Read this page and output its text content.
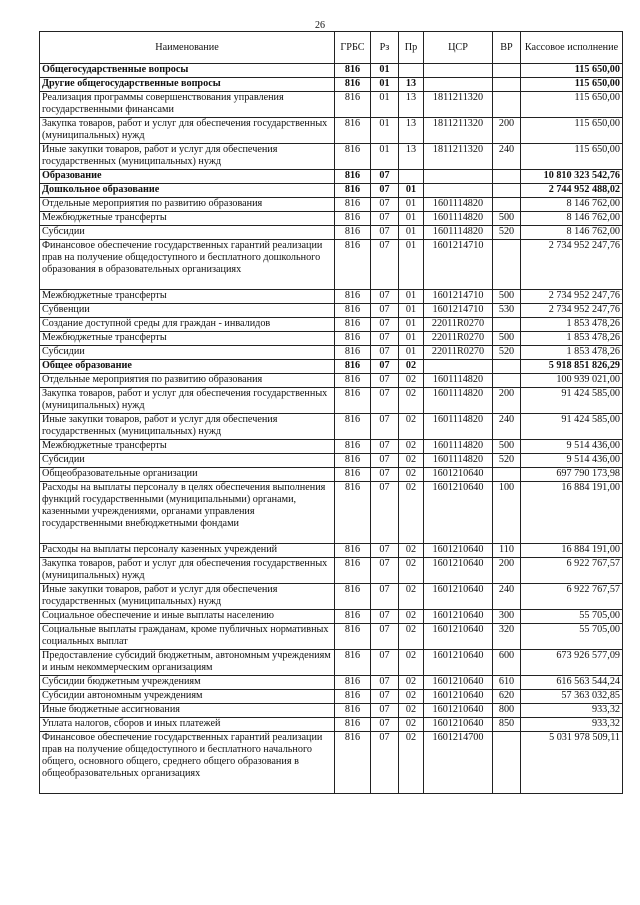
26
Наименование	ГРБС	Рз	Пр	ЦСР	ВР	Кассовое исполнение
Общегосударственные вопросы	816	01				115 650,00
Другие общегосударственные вопросы	816	01	13			115 650,00
Реализация программы совершенствования управления государственными финансами	816	01	13	1811211320		115 650,00
Закупка товаров, работ и услуг для обеспечения государственных (муниципальных) нужд	816	01	13	1811211320	200	115 650,00
Иные закупки товаров, работ и услуг для обеспечения государственных (муниципальных) нужд	816	01	13	1811211320	240	115 650,00
Образование	816	07				10 810 323 542,76
Дошкольное образование	816	07	01			2 744 952 488,02
Отдельные мероприятия по развитию образования	816	07	01	1601114820		8 146 762,00
Межбюджетные трансферты	816	07	01	1601114820	500	8 146 762,00
Субсидии	816	07	01	1601114820	520	8 146 762,00
Финансовое обеспечение государственных гарантий реализации прав на получение общедоступного и бесплатного дошкольного образования в образовательных организациях	816	07	01	1601214710		2 734 952 247,76
Межбюджетные трансферты	816	07	01	1601214710	500	2 734 952 247,76
Субвенции	816	07	01	1601214710	530	2 734 952 247,76
Создание доступной среды для граждан - инвалидов	816	07	01	22011R0270		1 853 478,26
Межбюджетные трансферты	816	07	01	22011R0270	500	1 853 478,26
Субсидии	816	07	01	22011R0270	520	1 853 478,26
Общее образование	816	07	02			5 918 851 826,29
Отдельные мероприятия по развитию образования	816	07	02	1601114820		100 939 021,00
Закупка товаров, работ и услуг для обеспечения государственных (муниципальных) нужд	816	07	02	1601114820	200	91 424 585,00
Иные закупки товаров, работ и услуг для обеспечения государственных (муниципальных) нужд	816	07	02	1601114820	240	91 424 585,00
Межбюджетные трансферты	816	07	02	1601114820	500	9 514 436,00
Субсидии	816	07	02	1601114820	520	9 514 436,00
Общеобразовательные организации	816	07	02	1601210640		697 790 173,98
Расходы на выплаты персоналу в целях обеспечения выполнения функций государственными (муниципальными) органами, казенными учреждениями, органами управления государственными внебюджетными фондами	816	07	02	1601210640	100	16 884 191,00
Расходы на выплаты персоналу казенных учреждений	816	07	02	1601210640	110	16 884 191,00
Закупка товаров, работ и услуг для обеспечения государственных (муниципальных) нужд	816	07	02	1601210640	200	6 922 767,57
Иные закупки товаров, работ и услуг для обеспечения государственных (муниципальных) нужд	816	07	02	1601210640	240	6 922 767,57
Социальное обеспечение и иные выплаты населению	816	07	02	1601210640	300	55 705,00
Социальные выплаты гражданам, кроме публичных нормативных социальных выплат	816	07	02	1601210640	320	55 705,00
Предоставление субсидий бюджетным, автономным учреждениям и иным некоммерческим организациям	816	07	02	1601210640	600	673 926 577,09
Субсидии бюджетным учреждениям	816	07	02	1601210640	610	616 563 544,24
Субсидии автономным учреждениям	816	07	02	1601210640	620	57 363 032,85
Иные бюджетные ассигнования	816	07	02	1601210640	800	933,32
Уплата налогов, сборов и иных платежей	816	07	02	1601210640	850	933,32
Финансовое обеспечение государственных гарантий реализации прав на получение общедоступного и бесплатного начального общего, основного общего, среднего общего образования в общеобразовательных организациях	816	07	02	1601214700		5 031 978 509,11
